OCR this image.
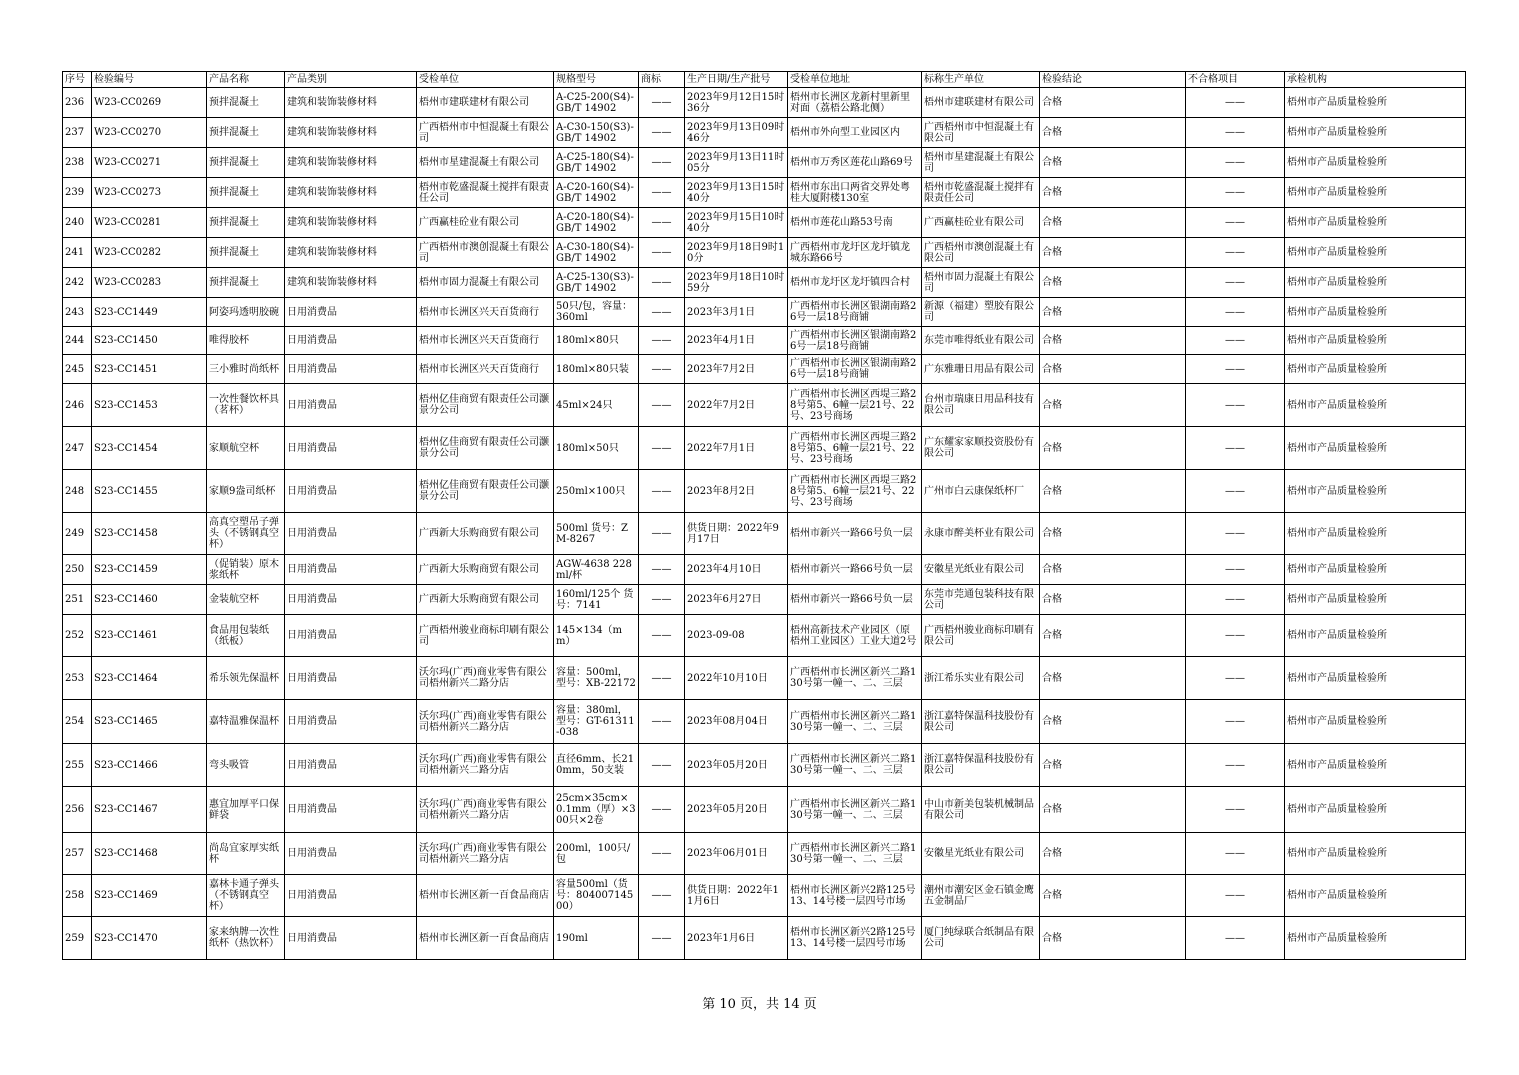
序号	检验编号	产品名称	产品类别	受检单位	规格型号	商标	生产日期/生产批号	受检单位地址	标称生产单位	检验结论	不合格项目	承检机构
236	W23-CC0269	预拌混凝土	建筑和装饰装修材料	梧州市建联建材有限公司	A-C25-200(S4)-GB/T 14902	——	2023年9月12日15时36分	梧州市长洲区龙新村里新里对面（荔梧公路北侧）	梧州市建联建材有限公司	合格	——	梧州市产品质量检验所
237	W23-CC0270	预拌混凝土	建筑和装饰装修材料	广西梧州市中恒混凝土有限公司	A-C30-150(S3)-GB/T 14902	——	2023年9月13日09时46分	梧州市外向型工业园区内	广西梧州市中恒混凝土有限公司	合格	——	梧州市产品质量检验所
238	W23-CC0271	预拌混凝土	建筑和装饰装修材料	梧州市星建混凝土有限公司	A-C25-180(S4)-GB/T 14902	——	2023年9月13日11时05分	梧州市万秀区莲花山路69号	梧州市星建混凝土有限公司	合格	——	梧州市产品质量检验所
239	W23-CC0273	预拌混凝土	建筑和装饰装修材料	梧州市乾盛混凝土搅拌有限责任公司	A-C20-160(S4)-GB/T 14902	——	2023年9月13日15时40分	梧州市东出口两省交界处粤桂大厦附楼130室	梧州市乾盛混凝土搅拌有限责任公司	合格	——	梧州市产品质量检验所
240	W23-CC0281	预拌混凝土	建筑和装饰装修材料	广西赢桂砼业有限公司	A-C20-180(S4)-GB/T 14902	——	2023年9月15日10时40分	梧州市莲花山路53号南	广西赢桂砼业有限公司	合格	——	梧州市产品质量检验所
241	W23-CC0282	预拌混凝土	建筑和装饰装修材料	广西梧州市澳创混凝土有限公司	A-C30-180(S4)-GB/T 14902	——	2023年9月18日9时10分	广西梧州市龙圩区龙圩镇龙城东路66号	广西梧州市澳创混凝土有限公司	合格	——	梧州市产品质量检验所
242	W23-CC0283	预拌混凝土	建筑和装饰装修材料	梧州市固力混凝土有限公司	A-C25-130(S3)-GB/T 14902	——	2023年9月18日10时59分	梧州市龙圩区龙圩镇四合村	梧州市固力混凝土有限公司	合格	——	梧州市产品质量检验所
243	S23-CC1449	阿姿玛透明胶碗	日用消费品	梧州市长洲区兴天百货商行	50只/包，容量：360ml	——	2023年3月1日	广西梧州市长洲区银湖南路26号一层18号商铺	新源（福建）塑胶有限公司	合格	——	梧州市产品质量检验所
244	S23-CC1450	唯得胶杯	日用消费品	梧州市长洲区兴天百货商行	180ml×80只	——	2023年4月1日	广西梧州市长洲区银湖南路26号一层18号商铺	东莞市唯得纸业有限公司	合格	——	梧州市产品质量检验所
245	S23-CC1451	三小雅时尚纸杯	日用消费品	梧州市长洲区兴天百货商行	180ml×80只装	——	2023年7月2日	广西梧州市长洲区银湖南路26号一层18号商铺	广东雅珊日用品有限公司	合格	——	梧州市产品质量检验所
246	S23-CC1453	一次性餐饮杯具（茗杯）	日用消费品	梧州亿佳商贸有限责任公司灏景分公司	45ml×24只	——	2022年7月2日	广西梧州市长洲区西堤三路28号第5、6幢一层21号、22号、23号商场	台州市瑞康日用品科技有限公司	合格	——	梧州市产品质量检验所
247	S23-CC1454	家顺航空杯	日用消费品	梧州亿佳商贸有限责任公司灏景分公司	180ml×50只	——	2022年7月1日	广西梧州市长洲区西堤三路28号第5、6幢一层21号、22号、23号商场	广东耀家家顺投资股份有限公司	合格	——	梧州市产品质量检验所
248	S23-CC1455	家顺9盎司纸杯	日用消费品	梧州亿佳商贸有限责任公司灏景分公司	250ml×100只	——	2023年8月2日	广西梧州市长洲区西堤三路28号第5、6幢一层21号、22号、23号商场	广州市白云康保纸杯厂	合格	——	梧州市产品质量检验所
249	S23-CC1458	高真空塑吊子弹头（不锈钢真空杯）	日用消费品	广西新大乐购商贸有限公司	500ml 货号：ZM-8267	——	供货日期：2022年9月17日	梧州市新兴一路66号负一层	永康市醉美杯业有限公司	合格	——	梧州市产品质量检验所
250	S23-CC1459	（促销装）原木浆纸杯	日用消费品	广西新大乐购商贸有限公司	AGW-4638 228ml/杯	——	2023年4月10日	梧州市新兴一路66号负一层	安徽星光纸业有限公司	合格	——	梧州市产品质量检验所
251	S23-CC1460	金装航空杯	日用消费品	广西新大乐购商贸有限公司	160ml/125个 货号：7141	——	2023年6月27日	梧州市新兴一路66号负一层	东莞市莞通包装科技有限公司	合格	——	梧州市产品质量检验所
252	S23-CC1461	食品用包装纸（纸板）	日用消费品	广西梧州骏业商标印刷有限公司	145×134（mm）	——	2023-09-08	梧州高新技术产业园区（原梧州工业园区）工业大道2号	广西梧州骏业商标印刷有限公司	合格	——	梧州市产品质量检验所
253	S23-CC1464	希乐领先保温杯	日用消费品	沃尔玛(广西)商业零售有限公司梧州新兴二路分店	容量：500ml，型号：XB-22172	——	2022年10月10日	广西梧州市长洲区新兴二路130号第一幢一、二、三层	浙江希乐实业有限公司	合格	——	梧州市产品质量检验所
254	S23-CC1465	嘉特温雅保温杯	日用消费品	沃尔玛(广西)商业零售有限公司梧州新兴二路分店	容量：380ml，型号：GT-61311-038	——	2023年08月04日	广西梧州市长洲区新兴二路130号第一幢一、二、三层	浙江嘉特保温科技股份有限公司	合格	——	梧州市产品质量检验所
255	S23-CC1466	弯头吸管	日用消费品	沃尔玛(广西)商业零售有限公司梧州新兴二路分店	直径6mm、长210mm，50支装	——	2023年05月20日	广西梧州市长洲区新兴二路130号第一幢一、二、三层	浙江嘉特保温科技股份有限公司	合格	——	梧州市产品质量检验所
256	S23-CC1467	惠宜加厚平口保鲜袋	日用消费品	沃尔玛(广西)商业零售有限公司梧州新兴二路分店	25cm×35cm×0.1mm（厚）×300只×2卷	——	2023年05月20日	广西梧州市长洲区新兴二路130号第一幢一、二、三层	中山市新美包装机械制品有限公司	合格	——	梧州市产品质量检验所
257	S23-CC1468	尚岛宜家厚实纸杯	日用消费品	沃尔玛(广西)商业零售有限公司梧州新兴二路分店	200ml，100只/包	——	2023年06月01日	广西梧州市长洲区新兴二路130号第一幢一、二、三层	安徽星光纸业有限公司	合格	——	梧州市产品质量检验所
258	S23-CC1469	嘉林卡通子弹头（不锈钢真空杯）	日用消费品	梧州市长洲区新一百食品商店	容量500ml（货号：80400714500）	——	供货日期：2022年11月6日	梧州市长洲区新兴2路125号13、14号楼一层四号市场	潮州市潮安区金石镇金鹰五金制品厂	合格	——	梧州市产品质量检验所
259	S23-CC1470	家来纳牌一次性纸杯（热饮杯）	日用消费品	梧州市长洲区新一百食品商店	190ml	——	2023年1月6日	梧州市长洲区新兴2路125号13、14号楼一层四号市场	厦门纯绿联合纸制品有限公司	合格	——	梧州市产品质量检验所
第 10 页，共 14 页
